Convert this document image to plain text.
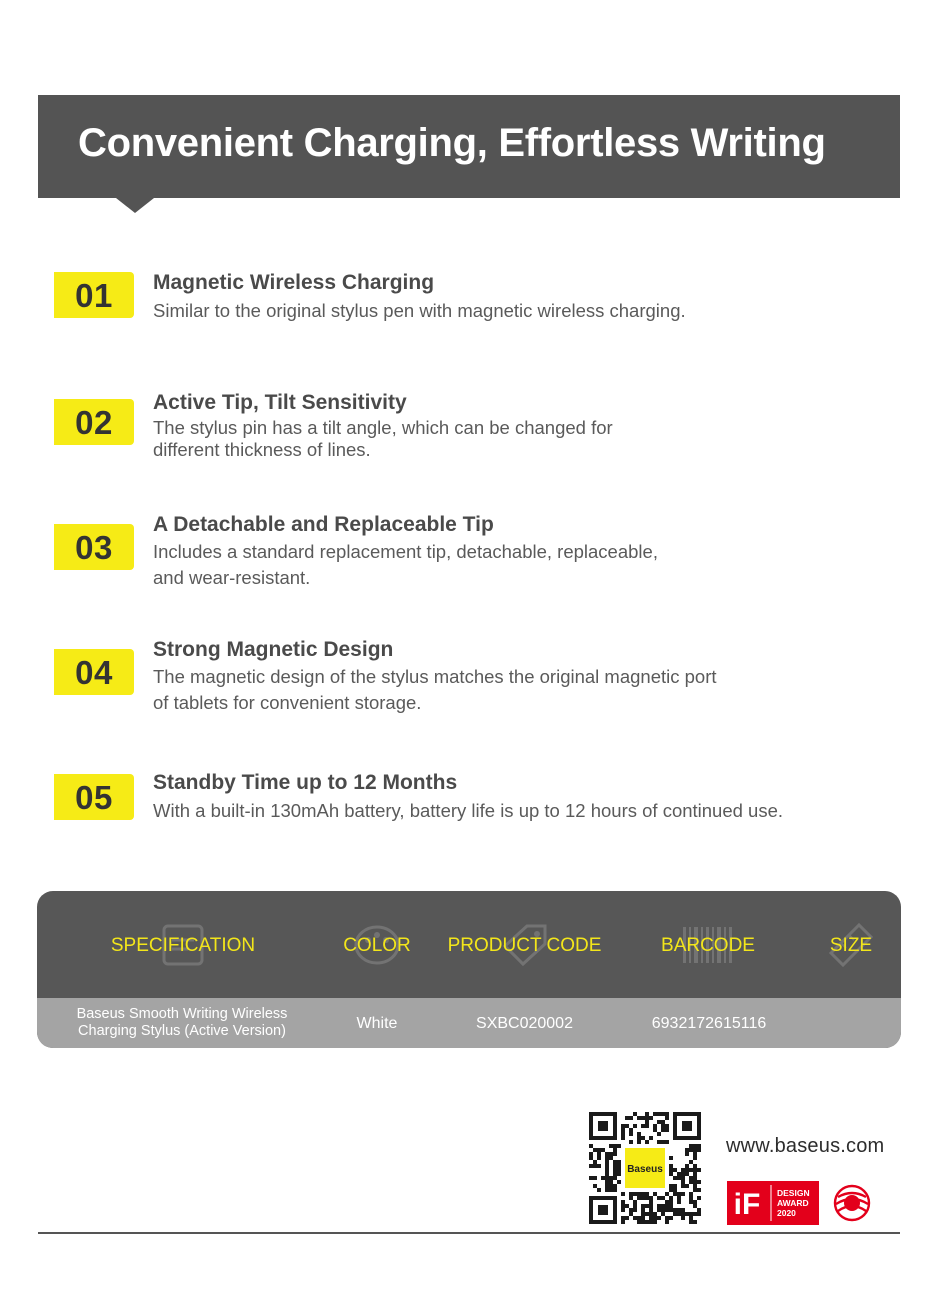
Convenient Charging, Effortless Writing
01	Magnetic Wireless Charging

Similar to the original stylus pen with magnetic wireless charging.

02

Active Tip, Tilt Sensitivity

The stylus pin has a tilt angle, which can be changed for
different thickness of lines.

03

A Detachable and Replaceable Tip

Includes a standard replacement tip, detachable, replaceable,
and wear-resistant.

04

Strong Magnetic Design

The magnetic design of the stylus matches the original magnetic port
of tablets for convenient storage.

05	Standby Time up to 12 Months

With a built-in 130mAh battery, battery life is up to 12 hours of continued use.

SPECIFICATION	COLOR	PRODUCT CODE	BARCODE	SIZE
Baseus Smooth Writing Wireless
Charging Stylus (Active Version)	White	SXBC020002	6932172615116
Baseus
www.baseus.com
iF DESIGN
AWARD
2020
